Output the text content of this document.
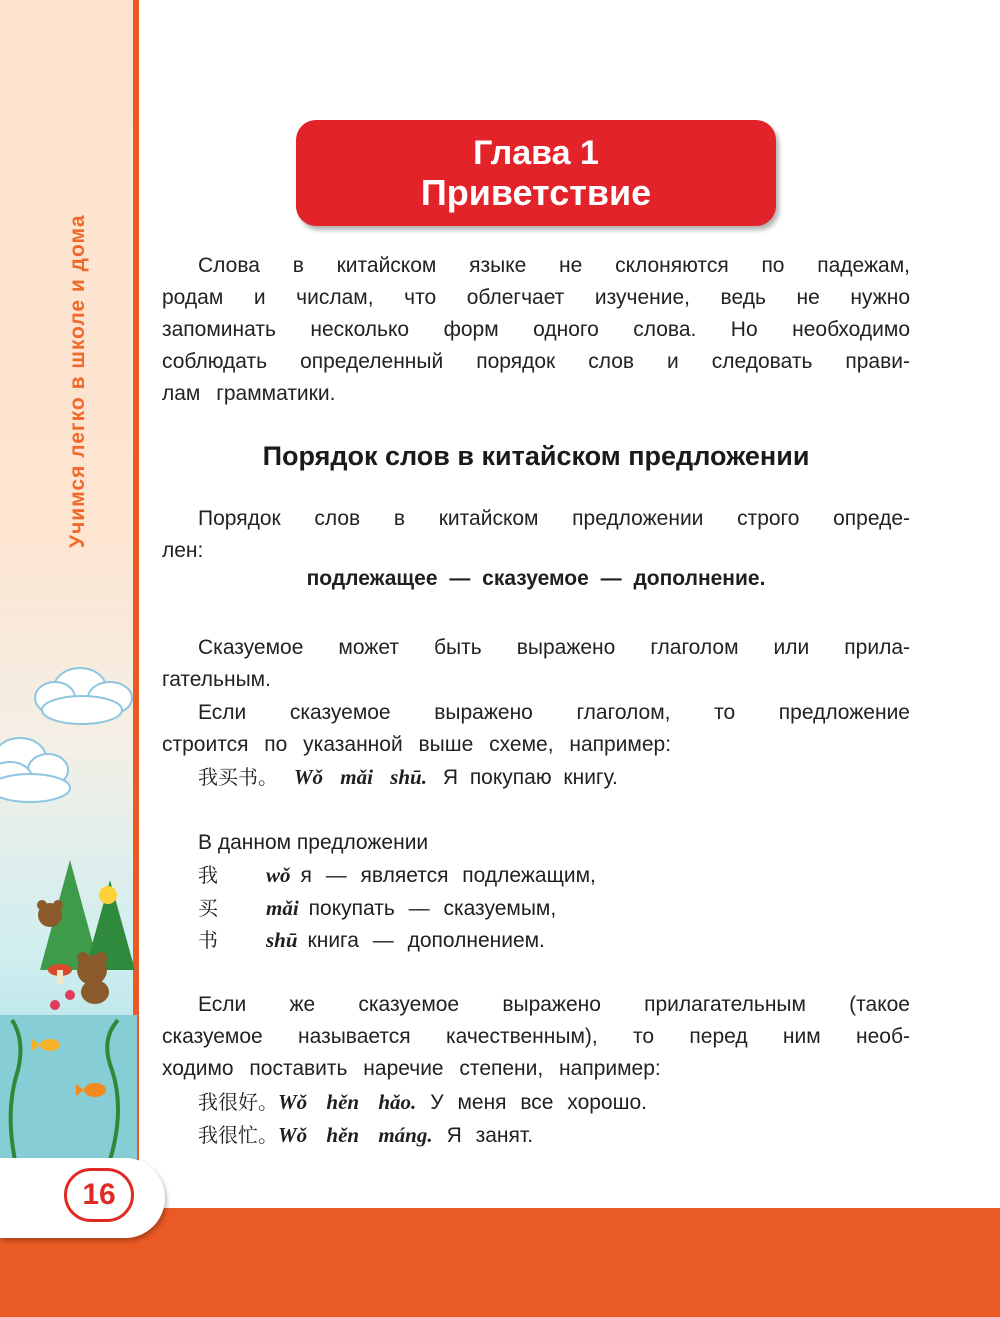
Учимся легко в школе и дома
16
Глава 1
Приветствие
Слова в китайском языке не склоняются по падежам,
родам и числам, что облегчает изучение, ведь не нужно
запоминать несколько форм одного слова. Но необходимо
соблюдать определенный порядок слов и следовать прави-
лам грамматики.
Порядок слов в китайском предложении
Порядок слов в китайском предложении строго опреде-
лен:
подлежащее — сказуемое — дополнение.
Сказуемое может быть выражено глаголом или прила-
гательным.
Если сказуемое выражено глаголом, то предложение
строится по указанной выше схеме, например:
我买书。 Wǒ mǎi shū. Я покупаю книгу.
В данном предложении
我 wǒ я — является подлежащим,
买 mǎi покупать — сказуемым,
书 shū книга — дополнением.
Если же сказуемое выражено прилагательным (такое
сказуемое называется качественным), то перед ним необ-
ходимо поставить наречие степени, например:
我很好。Wǒ hěn hǎo. У меня все хорошо.
我很忙。Wǒ hěn máng. Я занят.
